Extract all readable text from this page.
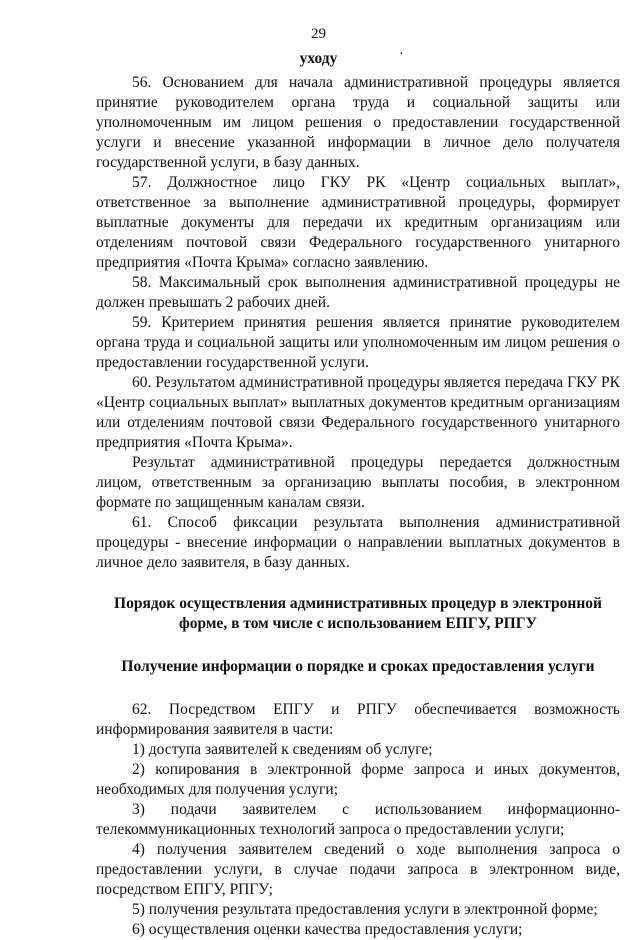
29
уходу	·

56. Основанием для начала административной процедуры является принятие руководителем органа труда и социальной защиты или уполномоченным им лицом решения о предоставлении государственной услуги и внесение указанной информации в личное дело получателя государственной услуги, в базу данных.

57. Должностное лицо ГКУ РК «Центр социальных выплат», ответственное за выполнение административной процедуры, формирует выплатные документы для передачи их кредитным организациям или отделениям почтовой связи Федерального государственного унитарного предприятия «Почта Крыма» согласно заявлению.

58. Максимальный срок выполнения административной процедуры не должен превышать 2 рабочих дней.

59. Критерием принятия решения является принятие руководителем органа труда и социальной защиты или уполномоченным им лицом решения о предоставлении государственной услуги.

60. Результатом административной процедуры является передача ГКУ РК «Центр социальных выплат» выплатных документов кредитным организациям или отделениям почтовой связи Федерального государственного унитарного предприятия «Почта Крыма».

Результат административной процедуры передается должностным лицом, ответственным за организацию выплаты пособия, в электронном формате по защищенным каналам связи.

61. Способ фиксации результата выполнения административной процедуры - внесение информации о направлении выплатных документов в личное дело заявителя, в базу данных.

Порядок осуществления административных процедур в электронной форме, в том числе с использованием ЕПГУ, РПГУ

Получение информации о порядке и сроках предоставления услуги

62. Посредством ЕПГУ и РПГУ обеспечивается возможность информирования заявителя в части:

1) доступа заявителей к сведениям об услуге;

2) копирования в электронной форме запроса и иных документов, необходимых для получения услуги;

3) подачи заявителем с использованием информационно-телекоммуникационных технологий запроса о предоставлении услуги;

4) получения заявителем сведений о ходе выполнения запроса о предоставлении услуги, в случае подачи запроса в электронном виде, посредством ЕПГУ, РПГУ;

5) получения результата предоставления услуги в электронной форме;

6) осуществления оценки качества предоставления услуги;
